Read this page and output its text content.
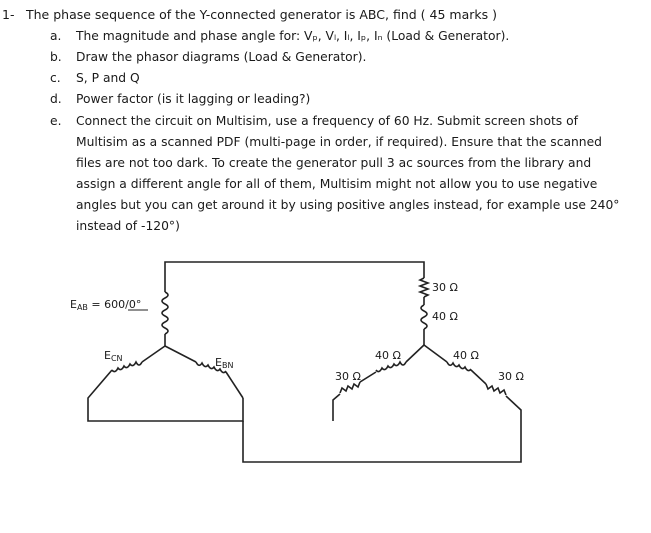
1- The phase sequence of the Y-connected generator is ABC, find ( 45 marks )
a. The magnitude and phase angle for: Vₚ, Vₗ, Iₗ, Iₚ, Iₙ (Load & Generator).
b. Draw the phasor diagrams (Load & Generator).
c. S, P and Q
d. Power factor (is it lagging or leading?)
e. Connect the circuit on Multisim, use a frequency of 60 Hz. Submit screen shots of
Multisim as a scanned PDF (multi-page in order, if required). Ensure that the scanned
files are not too dark. To create the generator pull 3 ac sources from the library and
assign a different angle for all of them, Multisim might not allow you to use negative
angles but you can get around it by using positive angles instead, for example use 240°
instead of -120°)
EAB = 600/0°
ECN	EBN
30 Ω
40 Ω
40 Ω
30 Ω
40 Ω
30 Ω
